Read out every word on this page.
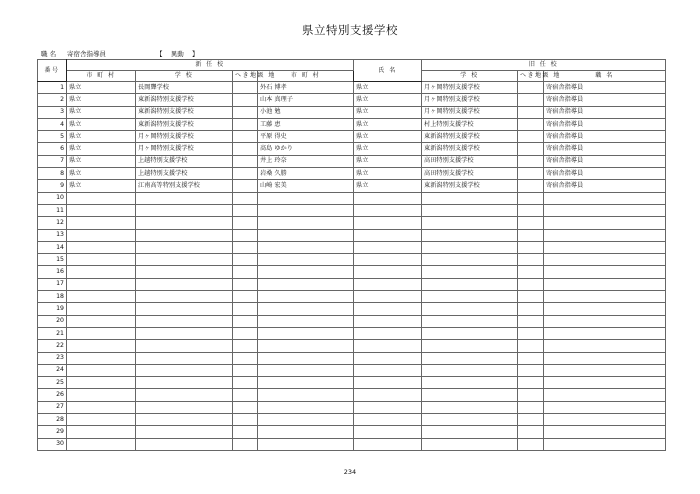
県立特別支援学校
職 名 寄宿舎指導員	【    異動    】
番号	新 任 校				氏 名	旧 任 校		
	市 町 村	学 校	へき地級 地	市 町 村		学 校	へき地級 地	職 名
1	県立	長岡聾学校		外石 博孝	県立	月ヶ岡特別支援学校		寄宿舎指導員
2	県立	東新潟特別支援学校		山本 真理子	県立	月ヶ岡特別支援学校		寄宿舎指導員
3	県立	東新潟特別支援学校		小池 勉	県立	月ヶ岡特別支援学校		寄宿舎指導員
4	県立	東新潟特別支援学校		工藤 恵	県立	村上特別支援学校		寄宿舎指導員
5	県立	月ヶ岡特別支援学校		平原 得史	県立	東新潟特別支援学校		寄宿舎指導員
6	県立	月ヶ岡特別支援学校		髙島 ゆかり	県立	東新潟特別支援学校		寄宿舎指導員
7	県立	上越特別支援学校		井上 玲奈	県立	高田特別支援学校		寄宿舎指導員
8	県立	上越特別支援学校		岩桑 久勝	県立	高田特別支援学校		寄宿舎指導員
9	県立	江南高等特別支援学校		山崎 宏美	県立	東新潟特別支援学校		寄宿舎指導員
10								
11								
12								
13								
14								
15								
16								
17								
18								
19								
20								
21								
22								
23								
24								
25								
26								
27								
28								
29								
30								
234
